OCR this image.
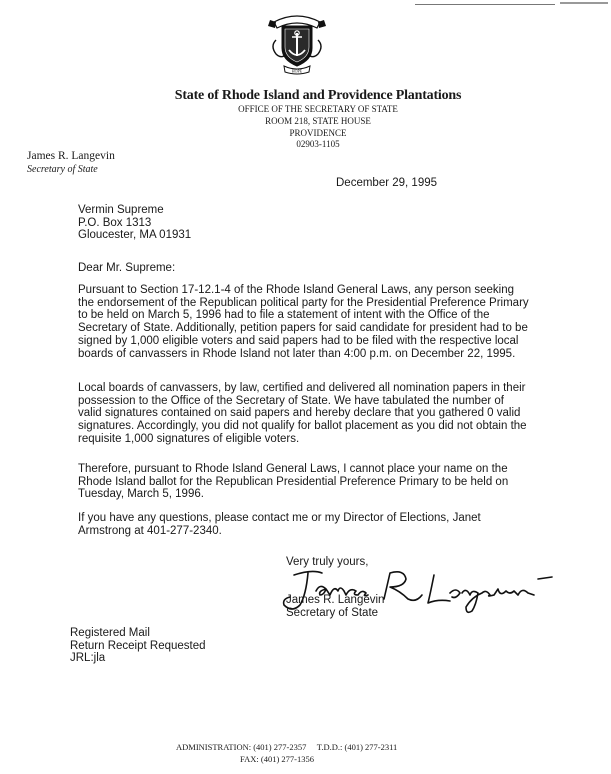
HOPE
State of Rhode Island and Providence Plantations
OFFICE OF THE SECRETARY OF STATE
ROOM 218, STATE HOUSE
PROVIDENCE
02903-1105
James R. Langevin
Secretary of State
December 29, 1995
Vermin Supreme
P.O. Box 1313
Gloucester, MA 01931
Dear Mr. Supreme:
Pursuant to Section 17-12.1-4 of the Rhode Island General Laws, any person seeking the endorsement of the Republican political party for the Presidential Preference Primary to be held on March 5, 1996 had to file a statement of intent with the Office of the Secretary of State. Additionally, petition papers for said candidate for president had to be signed by 1,000 eligible voters and said papers had to be filed with the respective local boards of canvassers in Rhode Island not later than 4:00 p.m. on December 22, 1995.
Local boards of canvassers, by law, certified and delivered all nomination papers in their possession to the Office of the Secretary of State. We have tabulated the number of valid signatures contained on said papers and hereby declare that you gathered 0 valid signatures. Accordingly, you did not qualify for ballot placement as you did not obtain the requisite 1,000 signatures of eligible voters.
Therefore, pursuant to Rhode Island General Laws, I cannot place your name on the Rhode Island ballot for the Republican Presidential Preference Primary to be held on Tuesday, March 5, 1996.
If you have any questions, please contact me or my Director of Elections, Janet Armstrong at 401-277-2340.
Very truly yours,
James R. Langevin
Secretary of State
Registered Mail
Return Receipt Requested
JRL:jla
ADMINISTRATION: (401) 277-2357     T.D.D.: (401) 277-2311
FAX: (401) 277-1356
